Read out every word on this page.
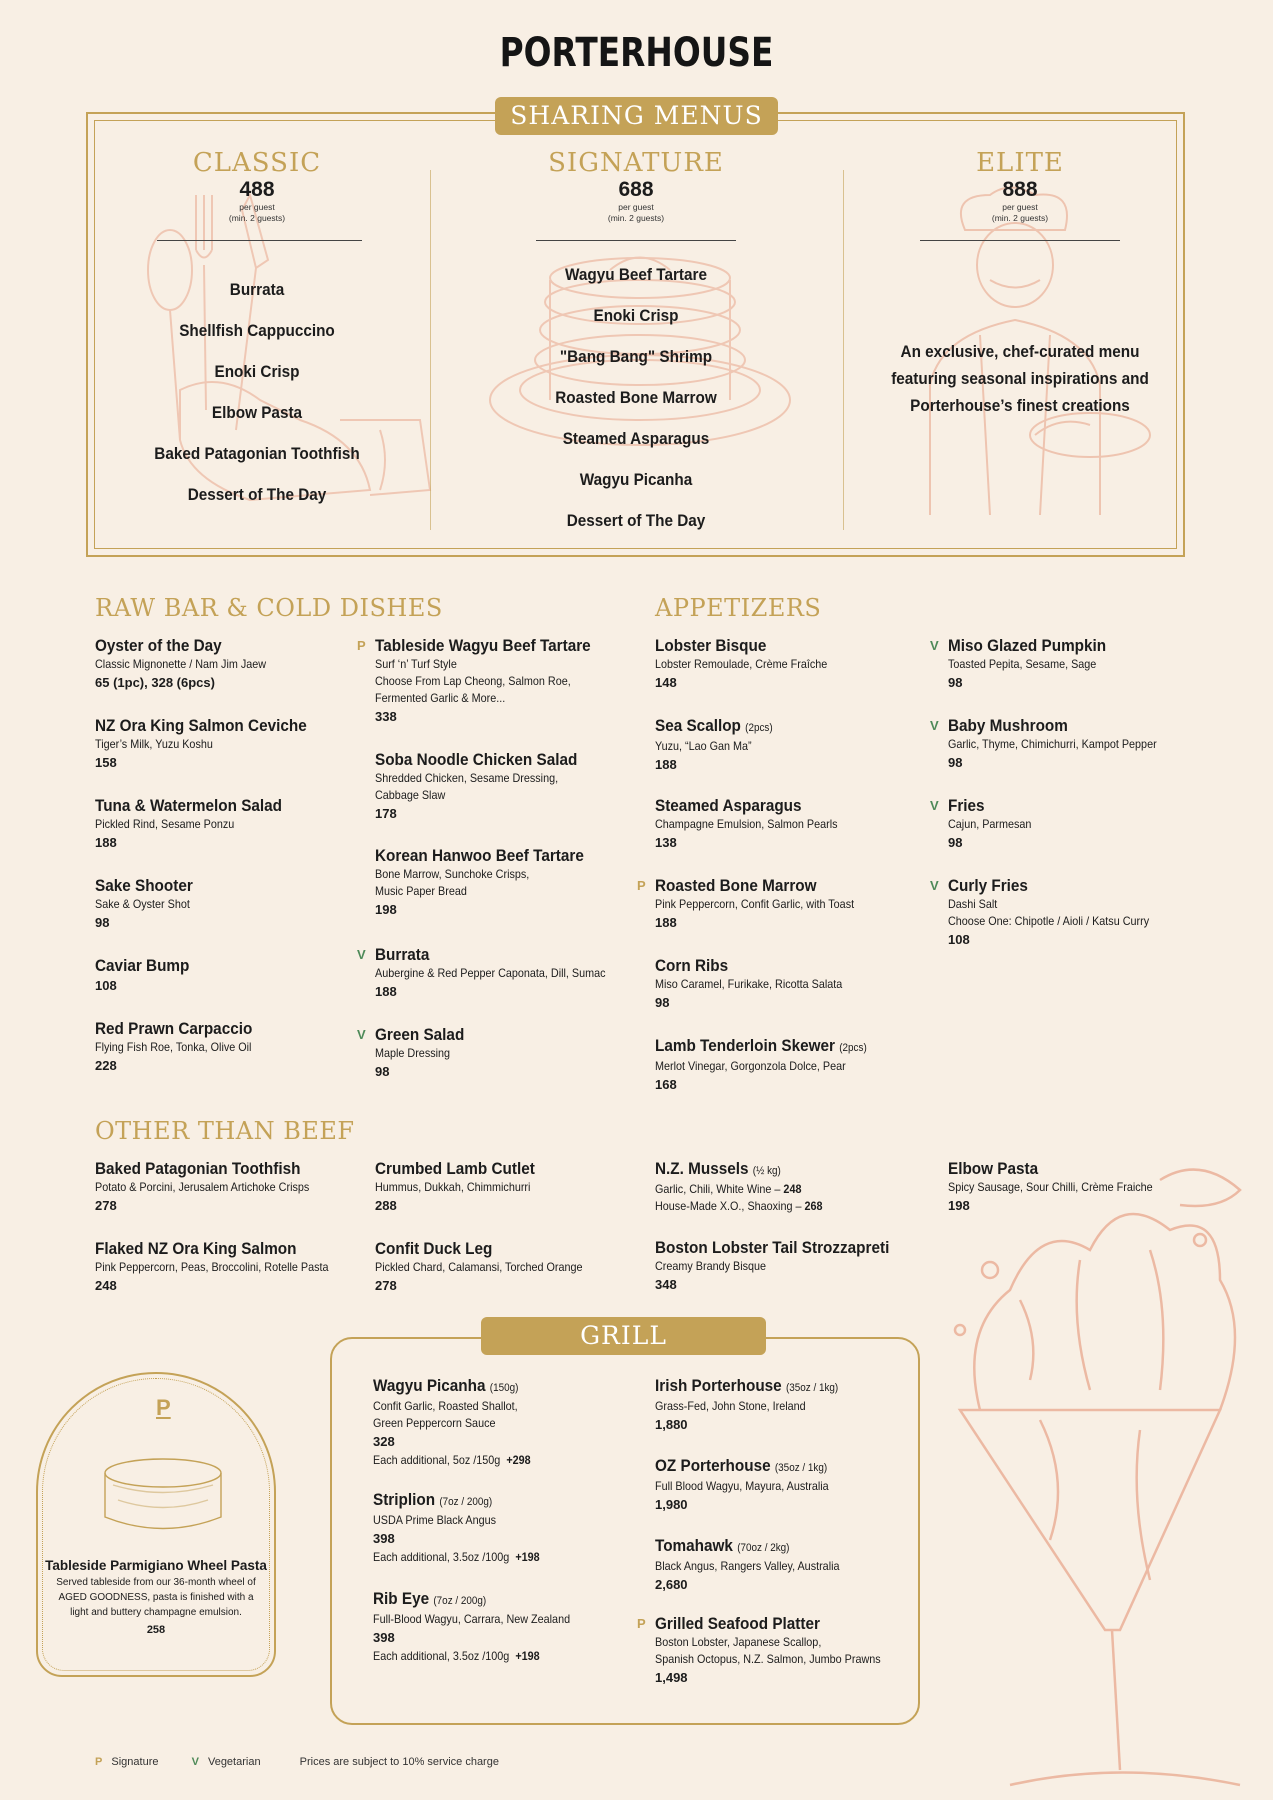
PORTERHOUSE
SHARING MENUS
CLASSIC
488
per guest
(min. 2 guests)
Burrata
Shellfish Cappuccino
Enoki Crisp
Elbow Pasta
Baked Patagonian Toothfish
Dessert of The Day
SIGNATURE
688
per guest
(min. 2 guests)
Wagyu Beef Tartare
Enoki Crisp
"Bang Bang" Shrimp
Roasted Bone Marrow
Steamed Asparagus
Wagyu Picanha
Dessert of The Day
ELITE
888
per guest
(min. 2 guests)
An exclusive, chef-curated menu
featuring seasonal inspirations and
Porterhouse’s finest creations
RAW BAR & COLD DISHES
Oyster of the Day
Classic Mignonette / Nam Jim Jaew
65 (1pc), 328 (6pcs)
NZ Ora King Salmon Ceviche
Tiger’s Milk, Yuzu Koshu
158
Tuna & Watermelon Salad
Pickled Rind, Sesame Ponzu
188
Sake Shooter
Sake & Oyster Shot
98
Caviar Bump
108
Red Prawn Carpaccio
Flying Fish Roe, Tonka, Olive Oil
228
P Tableside Wagyu Beef Tartare
Surf ‘n’ Turf Style
Choose From Lap Cheong, Salmon Roe,
Fermented Garlic & More...
338
Soba Noodle Chicken Salad
Shredded Chicken, Sesame Dressing,
Cabbage Slaw
178
Korean Hanwoo Beef Tartare
Bone Marrow, Sunchoke Crisps,
Music Paper Bread
198
V Burrata
Aubergine & Red Pepper Caponata, Dill, Sumac
188
V Green Salad
Maple Dressing
98
APPETIZERS
Lobster Bisque
Lobster Remoulade, Crème Fraîche
148
Sea Scallop (2pcs)
Yuzu, “Lao Gan Ma”
188
Steamed Asparagus
Champagne Emulsion, Salmon Pearls
138
P Roasted Bone Marrow
Pink Peppercorn, Confit Garlic, with Toast
188
Corn Ribs
Miso Caramel, Furikake, Ricotta Salata
98
Lamb Tenderloin Skewer (2pcs)
Merlot Vinegar, Gorgonzola Dolce, Pear
168
V Miso Glazed Pumpkin
Toasted Pepita, Sesame, Sage
98
V Baby Mushroom
Garlic, Thyme, Chimichurri, Kampot Pepper
98
V Fries
Cajun, Parmesan
98
V Curly Fries
Dashi Salt
Choose One: Chipotle / Aioli / Katsu Curry
108
OTHER THAN BEEF
Baked Patagonian Toothfish
Potato & Porcini, Jerusalem Artichoke Crisps
278
Flaked NZ Ora King Salmon
Pink Peppercorn, Peas, Broccolini, Rotelle Pasta
248
Crumbed Lamb Cutlet
Hummus, Dukkah, Chimmichurri
288
Confit Duck Leg
Pickled Chard, Calamansi, Torched Orange
278
N.Z. Mussels (½ kg)
Garlic, Chili, White Wine – 248
House-Made X.O., Shaoxing – 268
Boston Lobster Tail Strozzapreti
Creamy Brandy Bisque
348
Elbow Pasta
Spicy Sausage, Sour Chilli, Crème Fraiche
198
GRILL
Wagyu Picanha (150g)
Confit Garlic, Roasted Shallot,
Green Peppercorn Sauce
328
Each additional, 5oz /150g +298
Striplion (7oz / 200g)
USDA Prime Black Angus
398
Each additional, 3.5oz /100g +198
Rib Eye (7oz / 200g)
Full-Blood Wagyu, Carrara, New Zealand
398
Each additional, 3.5oz /100g +198
Irish Porterhouse (35oz / 1kg)
Grass-Fed, John Stone, Ireland
1,880
OZ Porterhouse (35oz / 1kg)
Full Blood Wagyu, Mayura, Australia
1,980
Tomahawk (70oz / 2kg)
Black Angus, Rangers Valley, Australia
2,680
P Grilled Seafood Platter
Boston Lobster, Japanese Scallop,
Spanish Octopus, N.Z. Salmon, Jumbo Prawns
1,498
P
Tableside Parmigiano Wheel Pasta
Served tableside from our 36-month wheel of
AGED GOODNESS, pasta is finished with a
light and buttery champagne emulsion.
258
P Signature	V Vegetarian	Prices are subject to 10% service charge
